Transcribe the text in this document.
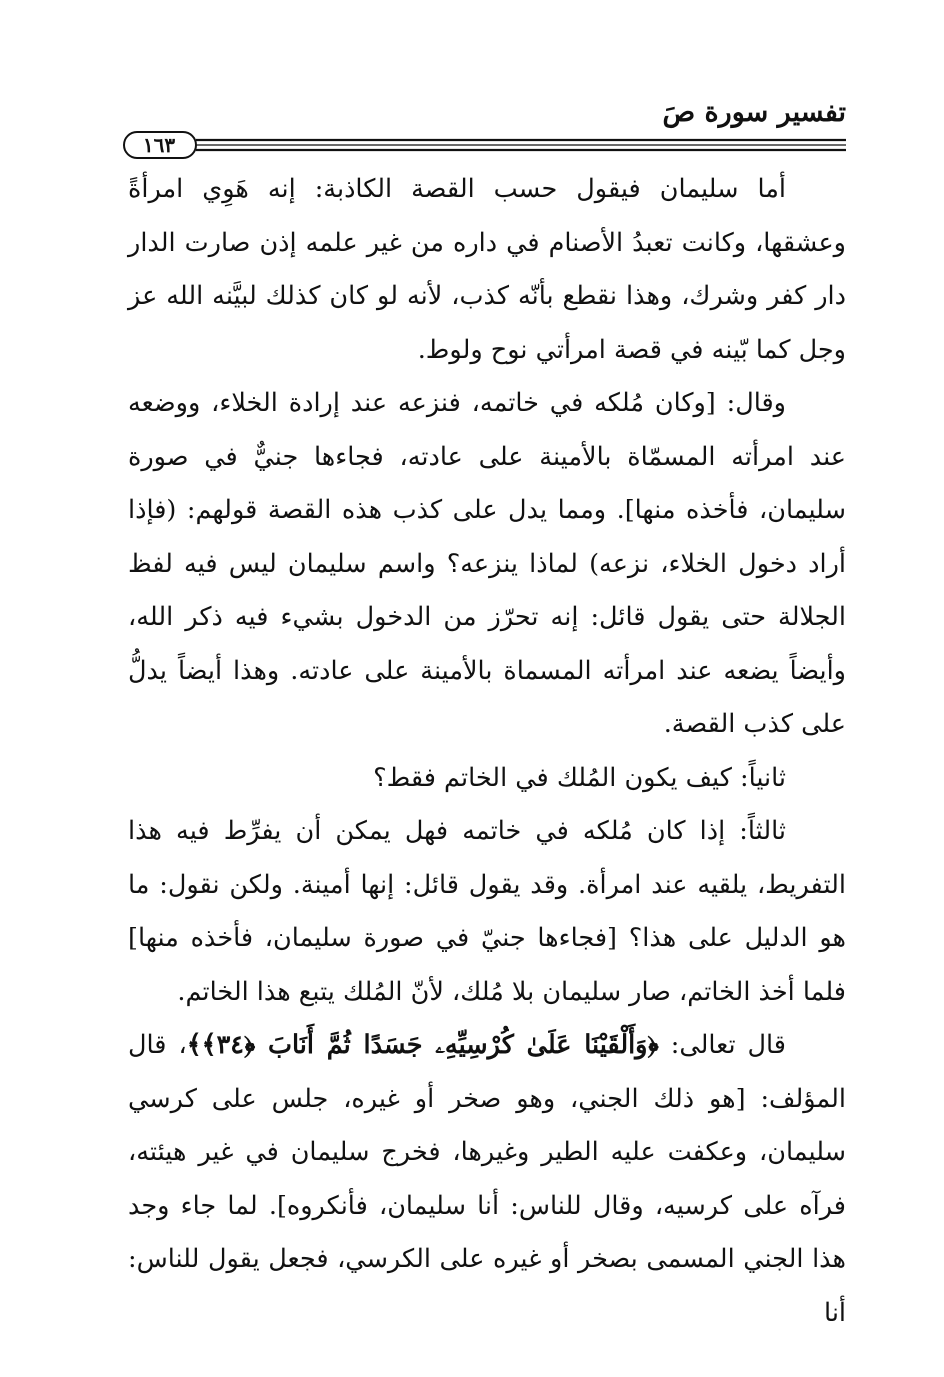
تفسير سورة صَ
١٦٣

أما سليمان فيقول حسب القصة الكاذبة: إنه هَوِي امرأةً وعشقها، وكانت تعبدُ الأصنام في داره من غير علمه إذن صارت الدار دار كفر وشرك، وهذا نقطع بأنّه كذب، لأنه لو كان كذلك لبيَّنه الله عز وجل كما بّينه في قصة امرأتي نوح ولوط.

وقال: [وكان مُلكه في خاتمه، فنزعه عند إرادة الخلاء، ووضعه عند امرأته المسمّاة بالأمينة على عادته، فجاءها جنيٌّ في صورة سليمان، فأخذه منها]. ومما يدل على كذب هذه القصة قولهم: (فإذا أراد دخول الخلاء، نزعه) لماذا ينزعه؟ واسم سليمان ليس فيه لفظ الجلالة حتى يقول قائل: إنه تحرّز من الدخول بشيء فيه ذكر الله، وأيضاً يضعه عند امرأته المسماة بالأمينة على عادته. وهذا أيضاً يدلُّ على كذب القصة.

ثانياً: كيف يكون المُلك في الخاتم فقط؟

ثالثاً: إذا كان مُلكه في خاتمه فهل يمكن أن يفرِّط فيه هذا التفريط، يلقيه عند امرأة. وقد يقول قائل: إنها أمينة. ولكن نقول: ما هو الدليل على هذا؟ [فجاءها جنيّ في صورة سليمان، فأخذه منها] فلما أخذ الخاتم، صار سليمان بلا مُلك، لأنّ المُلك يتبع هذا الخاتم.

قال تعالى: ﴿وَأَلْقَيْنَا عَلَىٰ كُرْسِيِّهِۦ جَسَدًا ثُمَّ أَنَابَ ﴿٣٤﴾﴾، قال المؤلف: [هو ذلك الجني، وهو صخر أو غيره، جلس على كرسي سليمان، وعكفت عليه الطير وغيرها، فخرج سليمان في غير هيئته، فرآه على كرسيه، وقال للناس: أنا سليمان، فأنكروه]. لما جاء وجد هذا الجني المسمى بصخر أو غيره على الكرسي، فجعل يقول للناس: أنا
